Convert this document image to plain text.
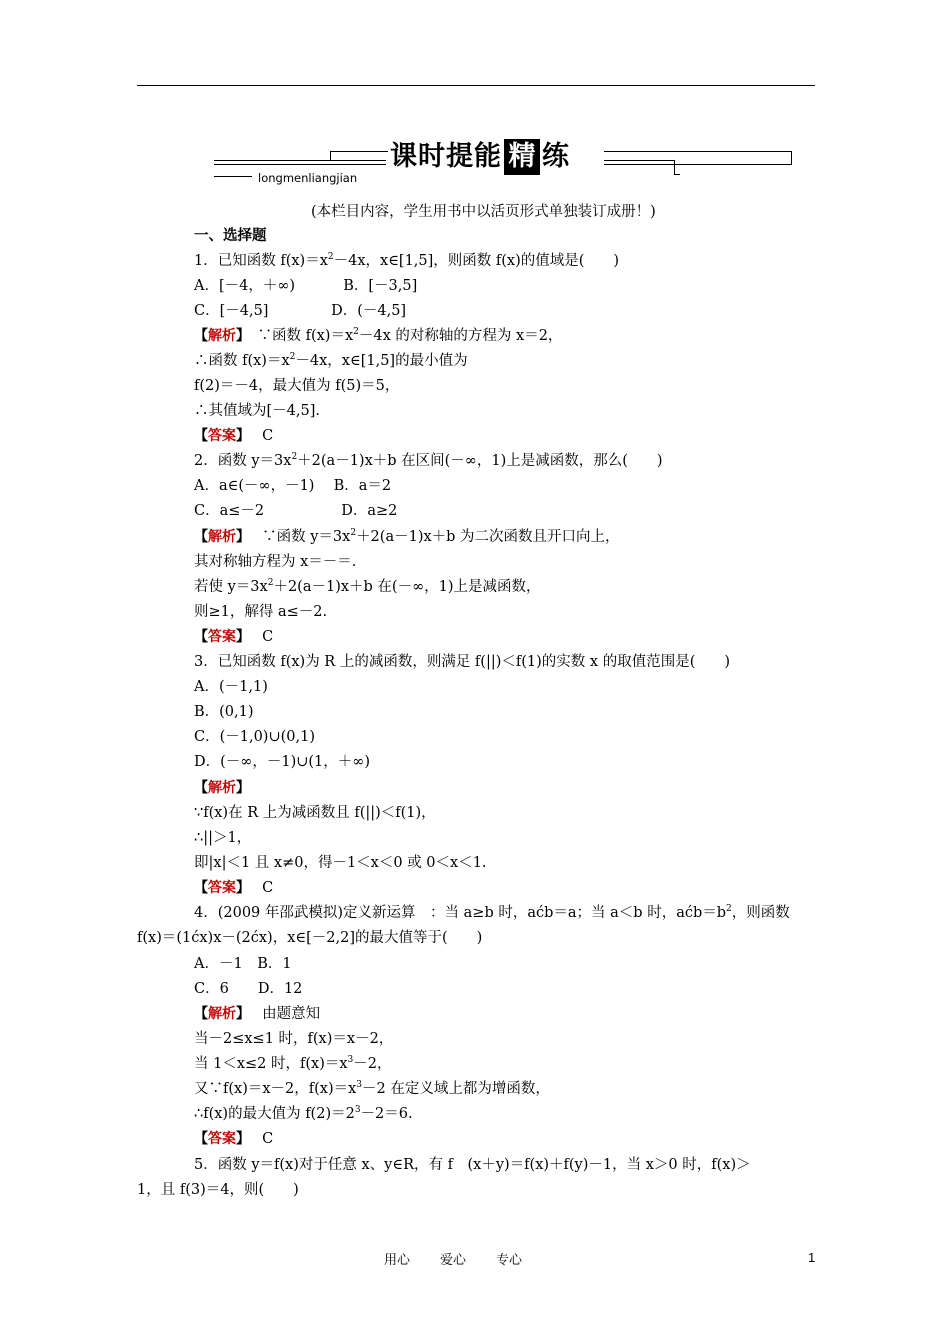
课时提能 精 练
longmenliangjian
(本栏目内容，学生用书中以活页形式单独装订成册！)
一、选择题
1．已知函数 $f(x)=x^2-4x$，x∈[1,5]，则函数 f(x)的值域是(　　)
A．[－4，＋∞)　　　 B．[－3,5]
C．[－4,5]　　　　 D．(－4,5]
【解析】　 ∵函数 $f(x)=x^2-4x$ 的对称轴的方程为 x＝2，
∴函数 $f(x)=x^2-4x$，x∈[1,5]的最小值为
f(2)＝－4，最大值为 f(5)＝5，
∴其值域为[－4,5].
【答案】　 C
2．函数 $y=3x^2+2(a-1)x+b$ 在区间(－∞，1)上是减函数，那么(　　)
A．a∈(－∞，－1)　 B．a＝2
C．a≤－2　　　　　 D．a≥2
【解析】　 ∵函数 $y=3x^2+2(a-1)x+b$ 为二次函数且开口向上，
其对称轴方程为 x＝－＝.
若使 $y=3x^2+2(a-1)x+b$ 在(－∞，1)上是减函数，
则≥1，解得 a≤－2.
【答案】　 C
3．已知函数 f(x)为 R 上的减函数，则满足 f(||)＜f(1)的实数 x 的取值范围是(　　)
A．(－1,1)
B．(0,1)
C．(－1,0)∪(0,1)
D．(－∞，－1)∪(1，＋∞)
【解析】
∵f(x)在 R 上为减函数且 f(||)＜f(1)，
∴||＞1，
即|x|＜1 且 x≠0，得－1＜x＜0 或 0＜x＜1.
【答案】　 C
4．(2009 年邵武模拟)定义新运算　：当 a≥b 时，aćb＝a；当 a＜b 时，$aćb=b^2$，则函数
f(x)＝(1ćx)x－(2ćx)，x∈[－2,2]的最大值等于(　　)
A．－1　B．1
C．6　　D．12
【解析】　 由题意知
当－2≤x≤1 时，f(x)＝x－2，
当 1＜x≤2 时，$f(x)=x^3-2$，
又∵f(x)＝x－2，$f(x)=x^3-2$ 在定义域上都为增函数，
∴f(x)的最大值为 $f(2)=2^3-2=6$.
【答案】　 C
5．函数 y＝f(x)对于任意 x、y∈R，有 f　(x＋y)＝f(x)＋f(y)－1，当 x＞0 时，f(x)＞
1，且 f(3)＝4，则(　　)
用心 爱心 专心	1
